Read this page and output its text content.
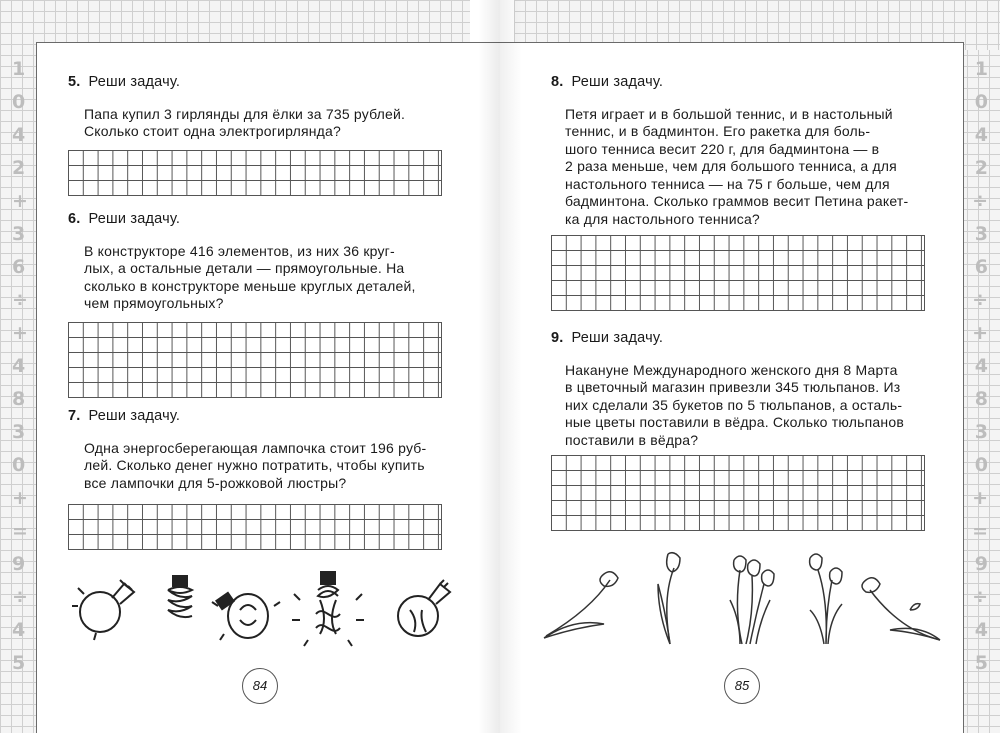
1
0
4
2
+
3
6
÷
+
4
8
3
0
+
=
9
÷
4
5

5. Реши задачу.

Папа купил 3 гирлянды для ёлки за 735 рублей.
Сколько стоит одна электрогирлянда?

6. Реши задачу.

В конструкторе 416 элементов, из них 36 круг-
лых, а остальные детали — прямоугольные. На
сколько в конструкторе меньше круглых деталей,
чем прямоугольных?

7. Реши задачу.

Одна энергосберегающая лампочка стоит 196 руб-
лей. Сколько денег нужно потратить, чтобы купить
все лампочки для 5-рожковой люстры?
84
1
0
4
2
÷
3
6
÷
+
4
8
3
0
+
=
9
÷
4
5

8. Реши задачу.

Петя играет и в большой теннис, и в настольный
теннис, и в бадминтон. Его ракетка для боль-
шого тенниса весит 220 г, для бадминтона — в
2 раза меньше, чем для большого тенниса, а для
настольного тенниса — на 75 г больше, чем для
бадминтона. Сколько граммов весит Петина ракет-
ка для настольного тенниса?

9. Реши задачу.

Накануне Международного женского дня 8 Марта
в цветочный магазин привезли 345 тюльпанов. Из
них сделали 35 букетов по 5 тюльпанов, а осталь-
ные цветы поставили в вёдра. Сколько тюльпанов
поставили в вёдра?
85
